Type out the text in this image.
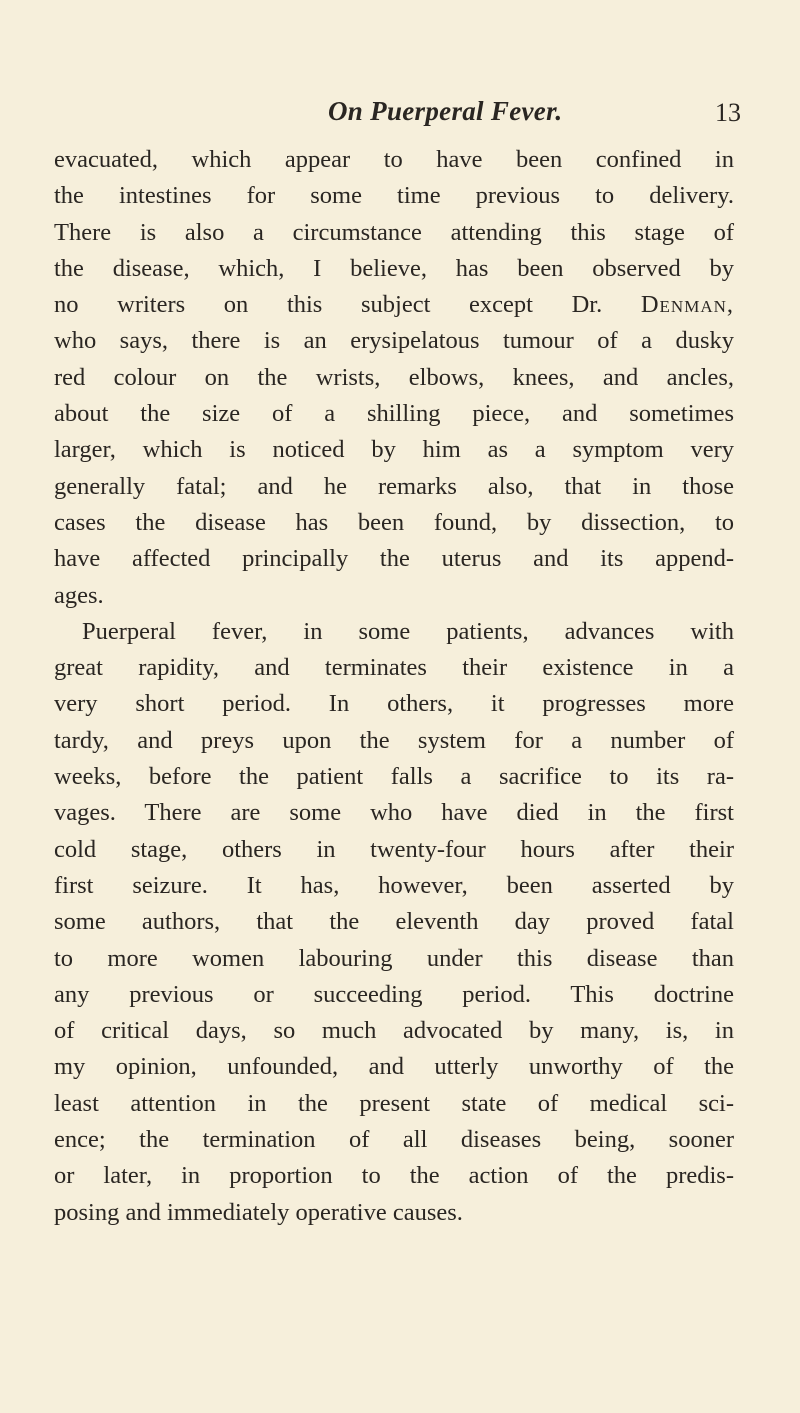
On Puerperal Fever.	13
evacuated, which appear to have been confined in
the intestines for some time previous to delivery.
There is also a circumstance attending this stage of
the disease, which, I believe, has been observed by
no writers on this subject except Dr. Denman,
who says, there is an erysipelatous tumour of a dusky
red colour on the wrists, elbows, knees, and ancles,
about the size of a shilling piece, and sometimes
larger, which is noticed by him as a symptom very
generally fatal; and he remarks also, that in those
cases the disease has been found, by dissection, to
have affected principally the uterus and its append-
ages.
Puerperal fever, in some patients, advances with
great rapidity, and terminates their existence in a
very short period. In others, it progresses more
tardy, and preys upon the system for a number of
weeks, before the patient falls a sacrifice to its ra-
vages. There are some who have died in the first
cold stage, others in twenty-four hours after their
first seizure. It has, however, been asserted by
some authors, that the eleventh day proved fatal
to more women labouring under this disease than
any previous or succeeding period. This doctrine
of critical days, so much advocated by many, is, in
my opinion, unfounded, and utterly unworthy of the
least attention in the present state of medical sci-
ence; the termination of all diseases being, sooner
or later, in proportion to the action of the predis-
posing and immediately operative causes.
